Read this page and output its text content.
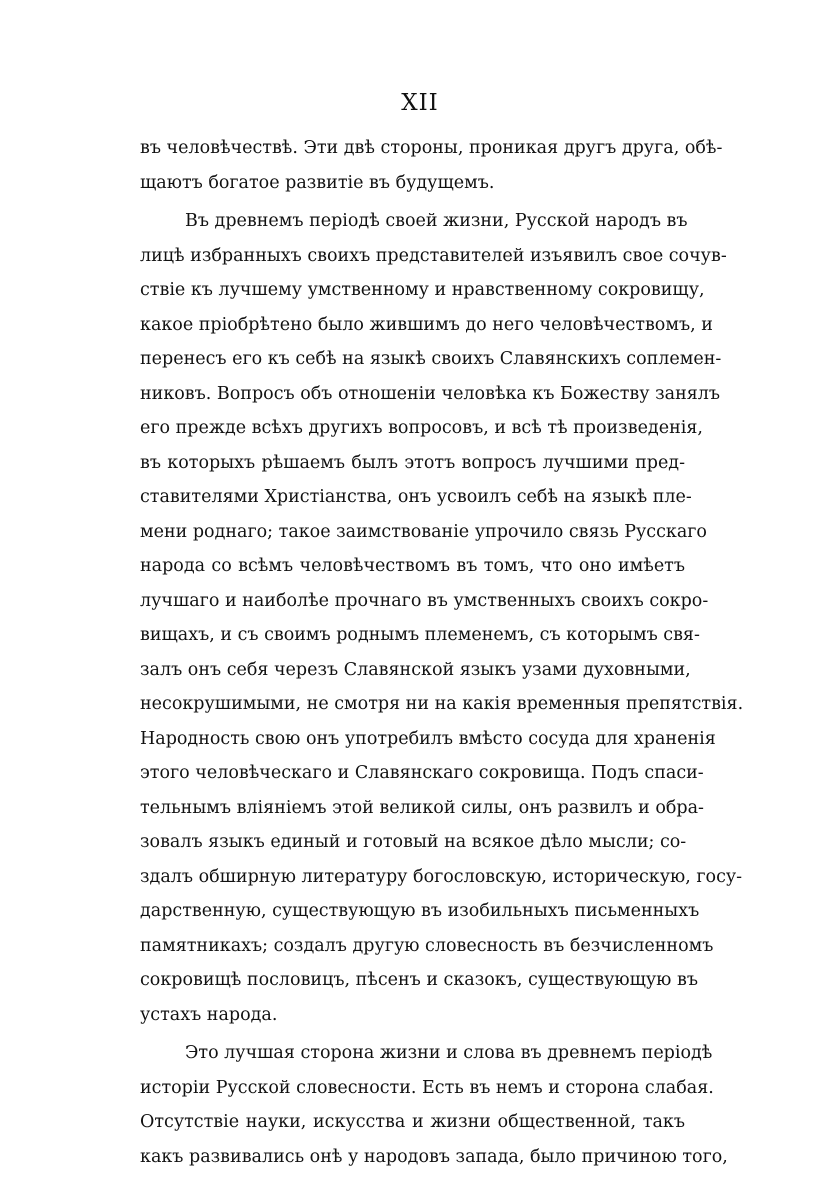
XII
въ человѣчествѣ. Эти двѣ стороны, проникая другъ друга, обѣ-
щаютъ богатое развитіе въ будущемъ.
Въ древнемъ періодѣ своей жизни, Русской народъ въ
лицѣ избранныхъ своихъ представителей изъявилъ свое сочув-
ствіе къ лучшему умственному и нравственному сокровищу,
какое пріобрѣтено было жившимъ до него человѣчествомъ, и
перенесъ его къ себѣ на языкѣ своихъ Славянскихъ соплемен-
никовъ. Вопросъ объ отношеніи человѣка къ Божеству занялъ
его прежде всѣхъ другихъ вопросовъ, и всѣ тѣ произведенія,
въ которыхъ рѣшаемъ былъ этотъ вопросъ лучшими пред-
ставителями Христіанства, онъ усвоилъ себѣ на языкѣ пле-
мени роднаго; такое заимствованіе упрочило связь Русскаго
народа со всѣмъ человѣчествомъ въ томъ, что оно имѣетъ
лучшаго и наиболѣе прочнаго въ умственныхъ своихъ сокро-
вищахъ, и съ своимъ роднымъ племенемъ, съ которымъ свя-
залъ онъ себя черезъ Славянской языкъ узами духовными,
несокрушимыми, не смотря ни на какія временныя препятствія.
Народность свою онъ употребилъ вмѣсто сосуда для храненія
этого человѣческаго и Славянскаго сокровища. Подъ спаси-
тельнымъ вліяніемъ этой великой силы, онъ развилъ и обра-
зовалъ языкъ единый и готовый на всякое дѣло мысли; со-
здалъ обширную литературу богословскую, историческую, госу-
дарственную, существующую въ изобильныхъ письменныхъ
памятникахъ; создалъ другую словесность въ безчисленномъ
сокровищѣ пословицъ, пѣсенъ и сказокъ, существующую въ
устахъ народа.
Это лучшая сторона жизни и слова въ древнемъ періодѣ
исторіи Русской словесности. Есть въ немъ и сторона слабая.
Отсутствіе науки, искусства и жизни общественной, такъ
какъ развивались онѣ у народовъ запада, было причиною того,
